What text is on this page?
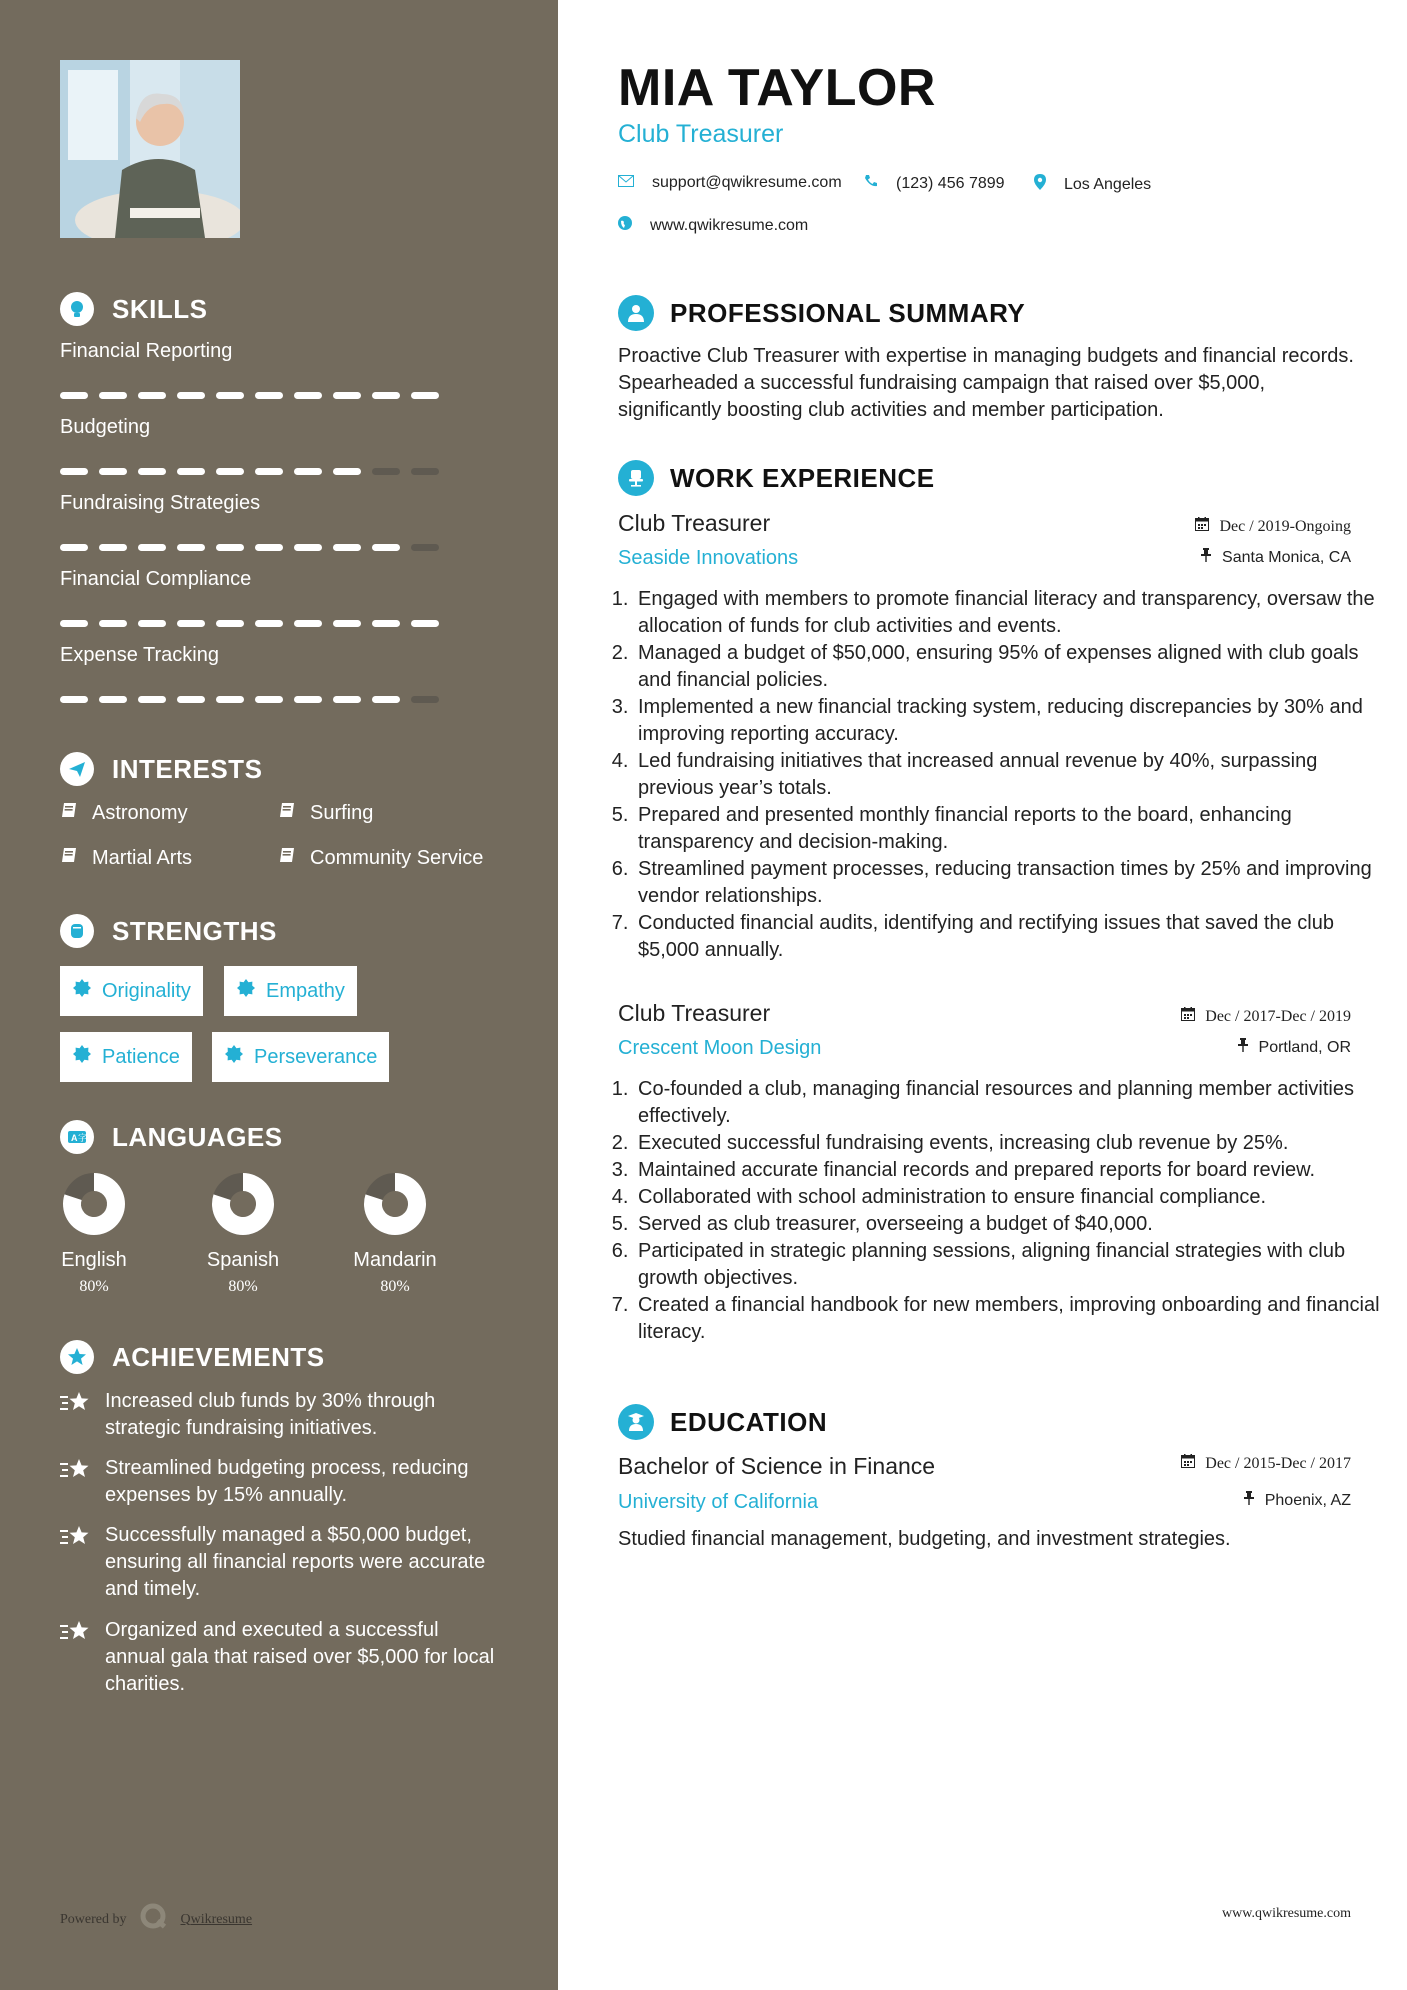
SKILLS
Financial Reporting
Budgeting
Fundraising Strategies
Financial Compliance
Expense Tracking
INTERESTS
Astronomy	Surfing
Martial Arts	Community Service
STRENGTHS
Originality	Empathy
Patience	Perseverance
A 字 LANGUAGES
English
80%
Spanish
80%
Mandarin
80%
ACHIEVEMENTS
Increased club funds by 30% through strategic fundraising initiatives.
Streamlined budgeting process, reducing expenses by 15% annually.
Successfully managed a $50,000 budget, ensuring all financial reports were accurate and timely.
Organized and executed a successful annual gala that raised over $5,000 for local charities.
Powered by	Qwikresume
MIA TAYLOR
Club Treasurer
support@qwikresume.com	(123) 456 7899	Los Angeles
www.qwikresume.com
PROFESSIONAL SUMMARY
Proactive Club Treasurer with expertise in managing budgets and financial records. Spearheaded a successful fundraising campaign that raised over $5,000, significantly boosting club activities and member participation.
WORK EXPERIENCE
Club Treasurer	Dec / 2019-Ongoing
Seaside Innovations	Santa Monica, CA
1. Engaged with members to promote financial literacy and transparency, oversaw the allocation of funds for club activities and events.
2. Managed a budget of $50,000, ensuring 95% of expenses aligned with club goals and financial policies.
3. Implemented a new financial tracking system, reducing discrepancies by 30% and improving reporting accuracy.
4. Led fundraising initiatives that increased annual revenue by 40%, surpassing previous year’s totals.
5. Prepared and presented monthly financial reports to the board, enhancing transparency and decision-making.
6. Streamlined payment processes, reducing transaction times by 25% and improving vendor relationships.
7. Conducted financial audits, identifying and rectifying issues that saved the club $5,000 annually.
Club Treasurer	Dec / 2017-Dec / 2019
Crescent Moon Design	Portland, OR
1. Co-founded a club, managing financial resources and planning member activities effectively.
2. Executed successful fundraising events, increasing club revenue by 25%.
3. Maintained accurate financial records and prepared reports for board review.
4. Collaborated with school administration to ensure financial compliance.
5. Served as club treasurer, overseeing a budget of $40,000.
6. Participated in strategic planning sessions, aligning financial strategies with club growth objectives.
7. Created a financial handbook for new members, improving onboarding and financial literacy.
EDUCATION
Bachelor of Science in Finance	Dec / 2015-Dec / 2017
University of California	Phoenix, AZ
Studied financial management, budgeting, and investment strategies.
www.qwikresume.com
